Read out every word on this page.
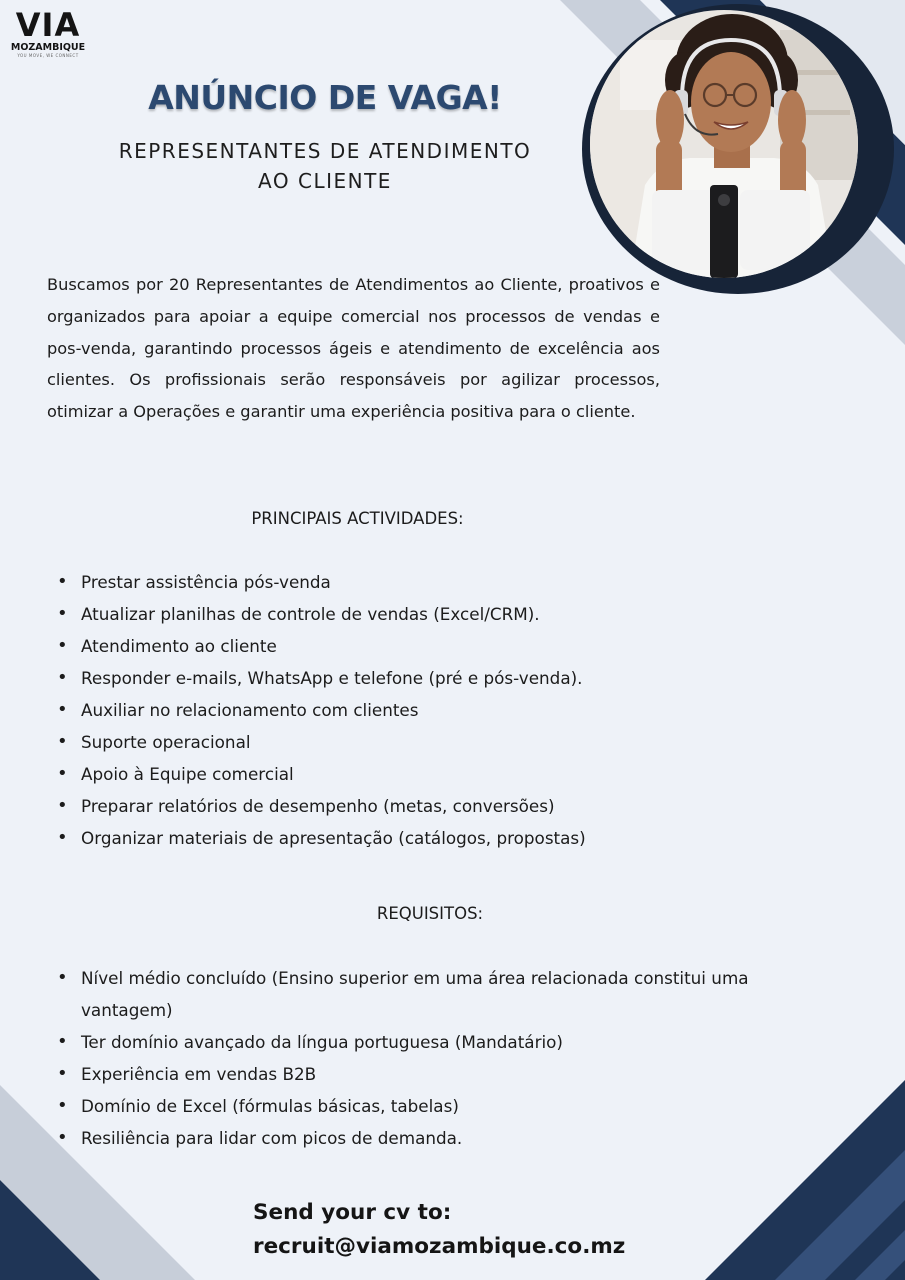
VIA
MOZAMBIQUE
YOU MOVE, WE CONNECT
ANÚNCIO DE VAGA!
REPRESENTANTES DE ATENDIMENTO
AO CLIENTE

Buscamos por 20 Representantes de Atendimentos ao Cliente, proativos e organizados para apoiar a equipe comercial nos processos de vendas e pos-venda, garantindo processos ágeis e atendimento de excelência aos clientes. Os profissionais serão responsáveis por agilizar processos, otimizar a Operações e garantir uma experiência positiva para o cliente.

PRINCIPAIS ACTIVIDADES:
• Prestar assistência pós-venda
• Atualizar planilhas de controle de vendas (Excel/CRM).
• Atendimento ao cliente
• Responder e-mails, WhatsApp e telefone (pré e pós-venda).
• Auxiliar no relacionamento com clientes
• Suporte operacional
• Apoio à Equipe comercial
• Preparar relatórios de desempenho (metas, conversões)
• Organizar materiais de apresentação (catálogos, propostas)
REQUISITOS:
• Nível médio concluído (Ensino superior em uma área relacionada constitui uma vantagem)
• Ter domínio avançado da língua portuguesa (Mandatário)
• Experiência em vendas B2B
• Domínio de Excel (fórmulas básicas, tabelas)
• Resiliência para lidar com picos de demanda.
Send your cv to:
recruit@viamozambique.co.mz
